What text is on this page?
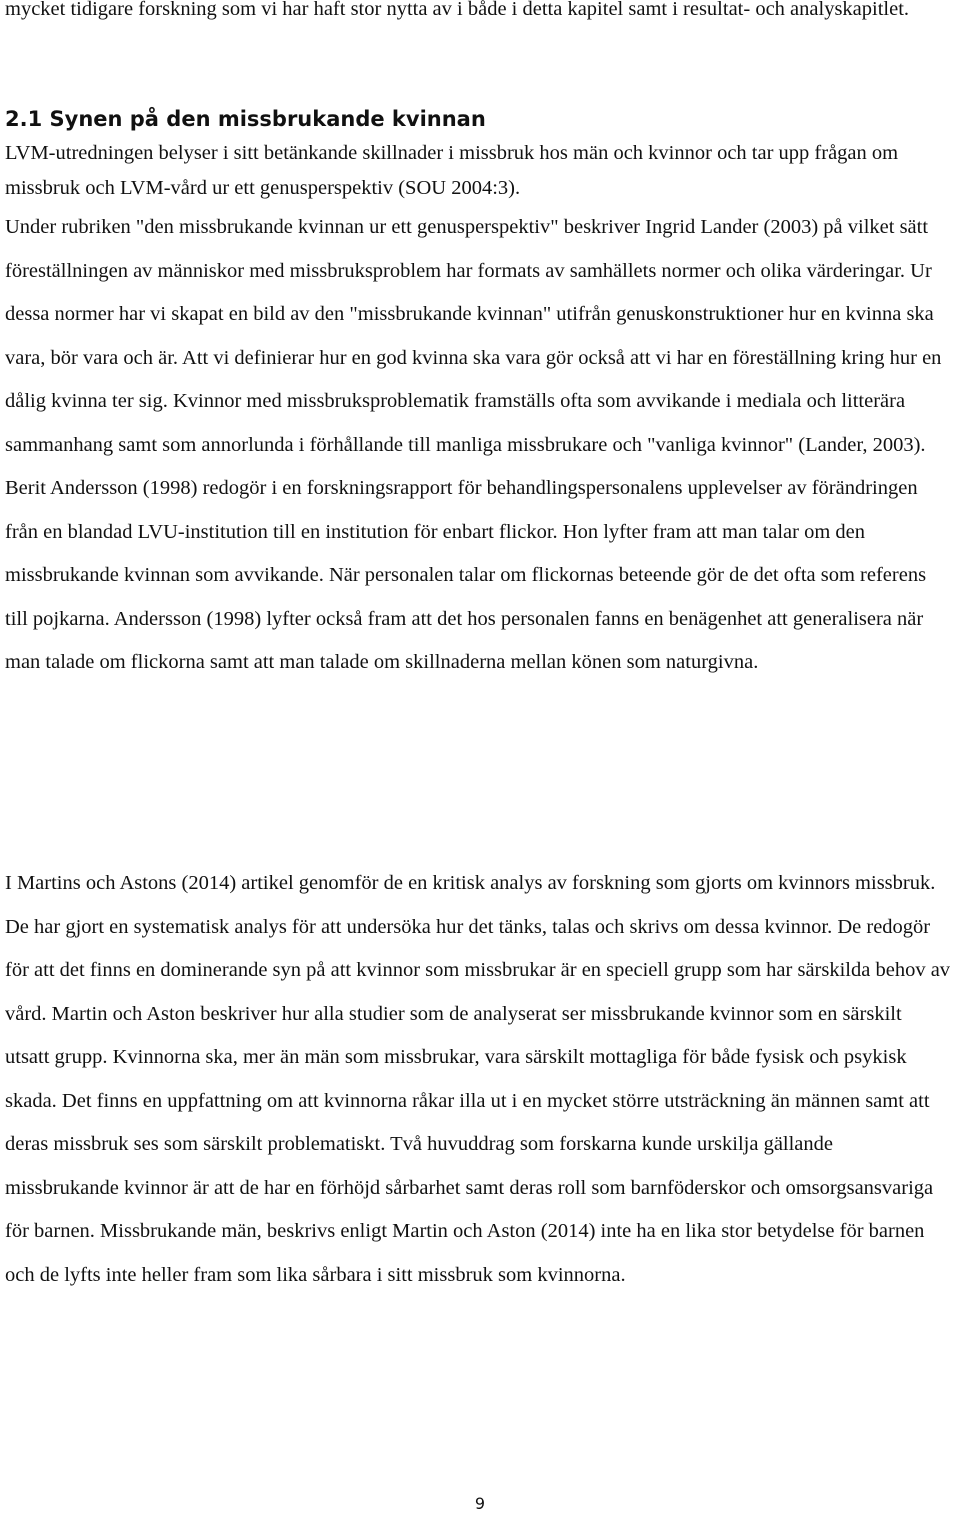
mycket tidigare forskning som vi har haft stor nytta av i både i detta kapitel samt i resultat- och analyskapitlet.

2.1 Synen på den missbrukande kvinnan

LVM-utredningen belyser i sitt betänkande skillnader i missbruk hos män och kvinnor och tar upp frågan om missbruk och LVM-vård ur ett genusperspektiv (SOU 2004:3).
Under rubriken "den missbrukande kvinnan ur ett genusperspektiv" beskriver Ingrid Lander (2003) på vilket sätt föreställningen av människor med missbruksproblem har formats av samhällets normer och olika värderingar. Ur dessa normer har vi skapat en bild av den "missbrukande kvinnan" utifrån genuskonstruktioner hur en kvinna ska vara, bör vara och är. Att vi definierar hur en god kvinna ska vara gör också att vi har en föreställning kring hur en dålig kvinna ter sig. Kvinnor med missbruksproblematik framställs ofta som avvikande i mediala och litterära sammanhang samt som annorlunda i förhållande till manliga missbrukare och "vanliga kvinnor" (Lander, 2003). Berit Andersson (1998) redogör i en forskningsrapport för behandlingspersonalens upplevelser av förändringen från en blandad LVU-institution till en institution för enbart flickor. Hon lyfter fram att man talar om den missbrukande kvinnan som avvikande. När personalen talar om flickornas beteende gör de det ofta som referens till pojkarna. Andersson (1998) lyfter också fram att det hos personalen fanns en benägenhet att generalisera när man talade om flickorna samt att man talade om skillnaderna mellan könen som naturgivna.

I Martins och Astons (2014) artikel genomför de en kritisk analys av forskning som gjorts om kvinnors missbruk. De har gjort en systematisk analys för att undersöka hur det tänks, talas och skrivs om dessa kvinnor. De redogör för att det finns en dominerande syn på att kvinnor som missbrukar är en speciell grupp som har särskilda behov av vård. Martin och Aston beskriver hur alla studier som de analyserat ser missbrukande kvinnor som en särskilt utsatt grupp. Kvinnorna ska, mer än män som missbrukar, vara särskilt mottagliga för både fysisk och psykisk skada. Det finns en uppfattning om att kvinnorna råkar illa ut i en mycket större utsträckning än männen samt att deras missbruk ses som särskilt problematiskt. Två huvuddrag som forskarna kunde urskilja gällande missbrukande kvinnor är att de har en förhöjd sårbarhet samt deras roll som barnföderskor och omsorgsansvariga för barnen. Missbrukande män, beskrivs enligt Martin och Aston (2014) inte ha en lika stor betydelse för barnen och de lyfts inte heller fram som lika sårbara i sitt missbruk som kvinnorna.

9
